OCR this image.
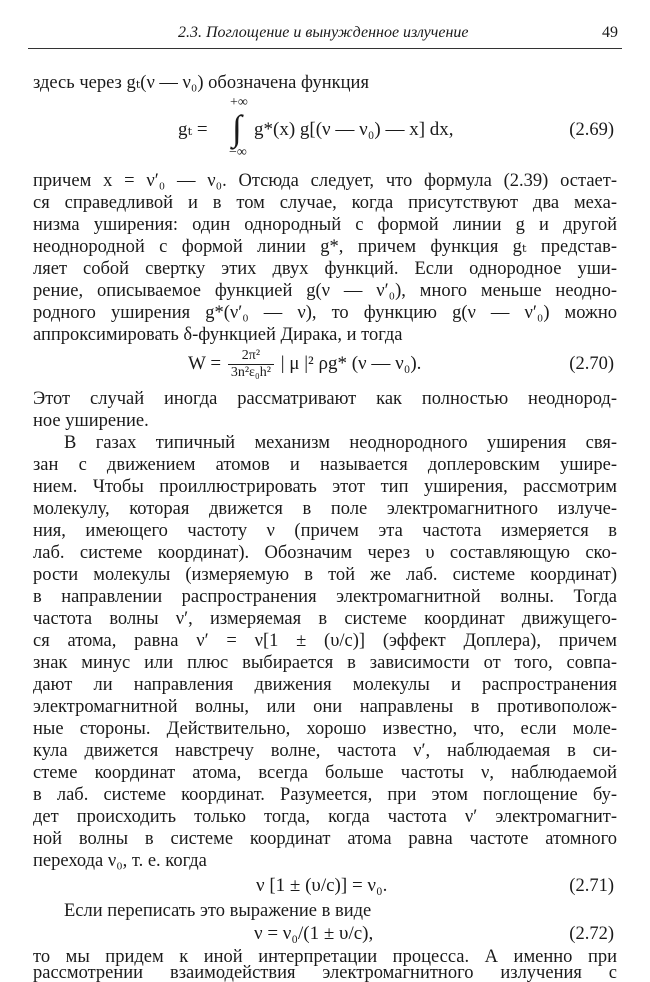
2.3. Поглощение и вынужденное излучение	49
здесь через gₜ(ν — ν₀) обозначена функция
+∞
gₜ = ∫ g*(x) g[(ν — ν₀) — x] dx,
−∞
(2.69)
причем x = ν′₀ — ν₀. Отсюда следует, что формула (2.39) остает-
ся справедливой и в том случае, когда присутствуют два меха-
низма уширения: один однородный с формой линии g и другой
неоднородной с формой линии g*, причем функция gₜ представ-
ляет собой свертку этих двух функций. Если однородное уши-
рение, описываемое функцией g(ν — ν′₀), много меньше неодно-
родного уширения g*(ν′₀ — ν), то функцию g(ν — ν′₀) можно
аппроксимировать δ-функцией Дирака, и тогда
$W = \frac{\text{2π²}}{\text{3n²ε₀h²}}$ | μ |² ρg* (ν — ν₀).	(2.70)
Этот случай иногда рассматривают как полностью неоднород-
ное уширение.
В газах типичный механизм неоднородного уширения свя-
зан с движением атомов и называется доплеровским ушире-
нием. Чтобы проиллюстрировать этот тип уширения, рассмотрим
молекулу, которая движется в поле электромагнитного излуче-
ния, имеющего частоту ν (причем эта частота измеряется в
лаб. системе координат). Обозначим через υ составляющую ско-
рости молекулы (измеряемую в той же лаб. системе координат)
в направлении распространения электромагнитной волны. Тогда
частота волны ν′, измеряемая в системе координат движущего-
ся атома, равна ν′ = ν[1 ± (υ/c)] (эффект Доплера), причем
знак минус или плюс выбирается в зависимости от того, совпа-
дают ли направления движения молекулы и распространения
электромагнитной волны, или они направлены в противополож-
ные стороны. Действительно, хорошо известно, что, если моле-
кула движется навстречу волне, частота ν′, наблюдаемая в си-
стеме координат атома, всегда больше частоты ν, наблюдаемой
в лаб. системе координат. Разумеется, при этом поглощение бу-
дет происходить только тогда, когда частота ν′ электромагнит-
ной волны в системе координат атома равна частоте атомного
перехода ν₀, т. е. когда
ν [1 ± (υ/c)] = ν₀.	(2.71)
Если переписать это выражение в виде
ν = ν₀/(1 ± υ/c),	(2.72)
то мы придем к иной интерпретации процесса. А именно при
рассмотрении взаимодействия электромагнитного излучения с
